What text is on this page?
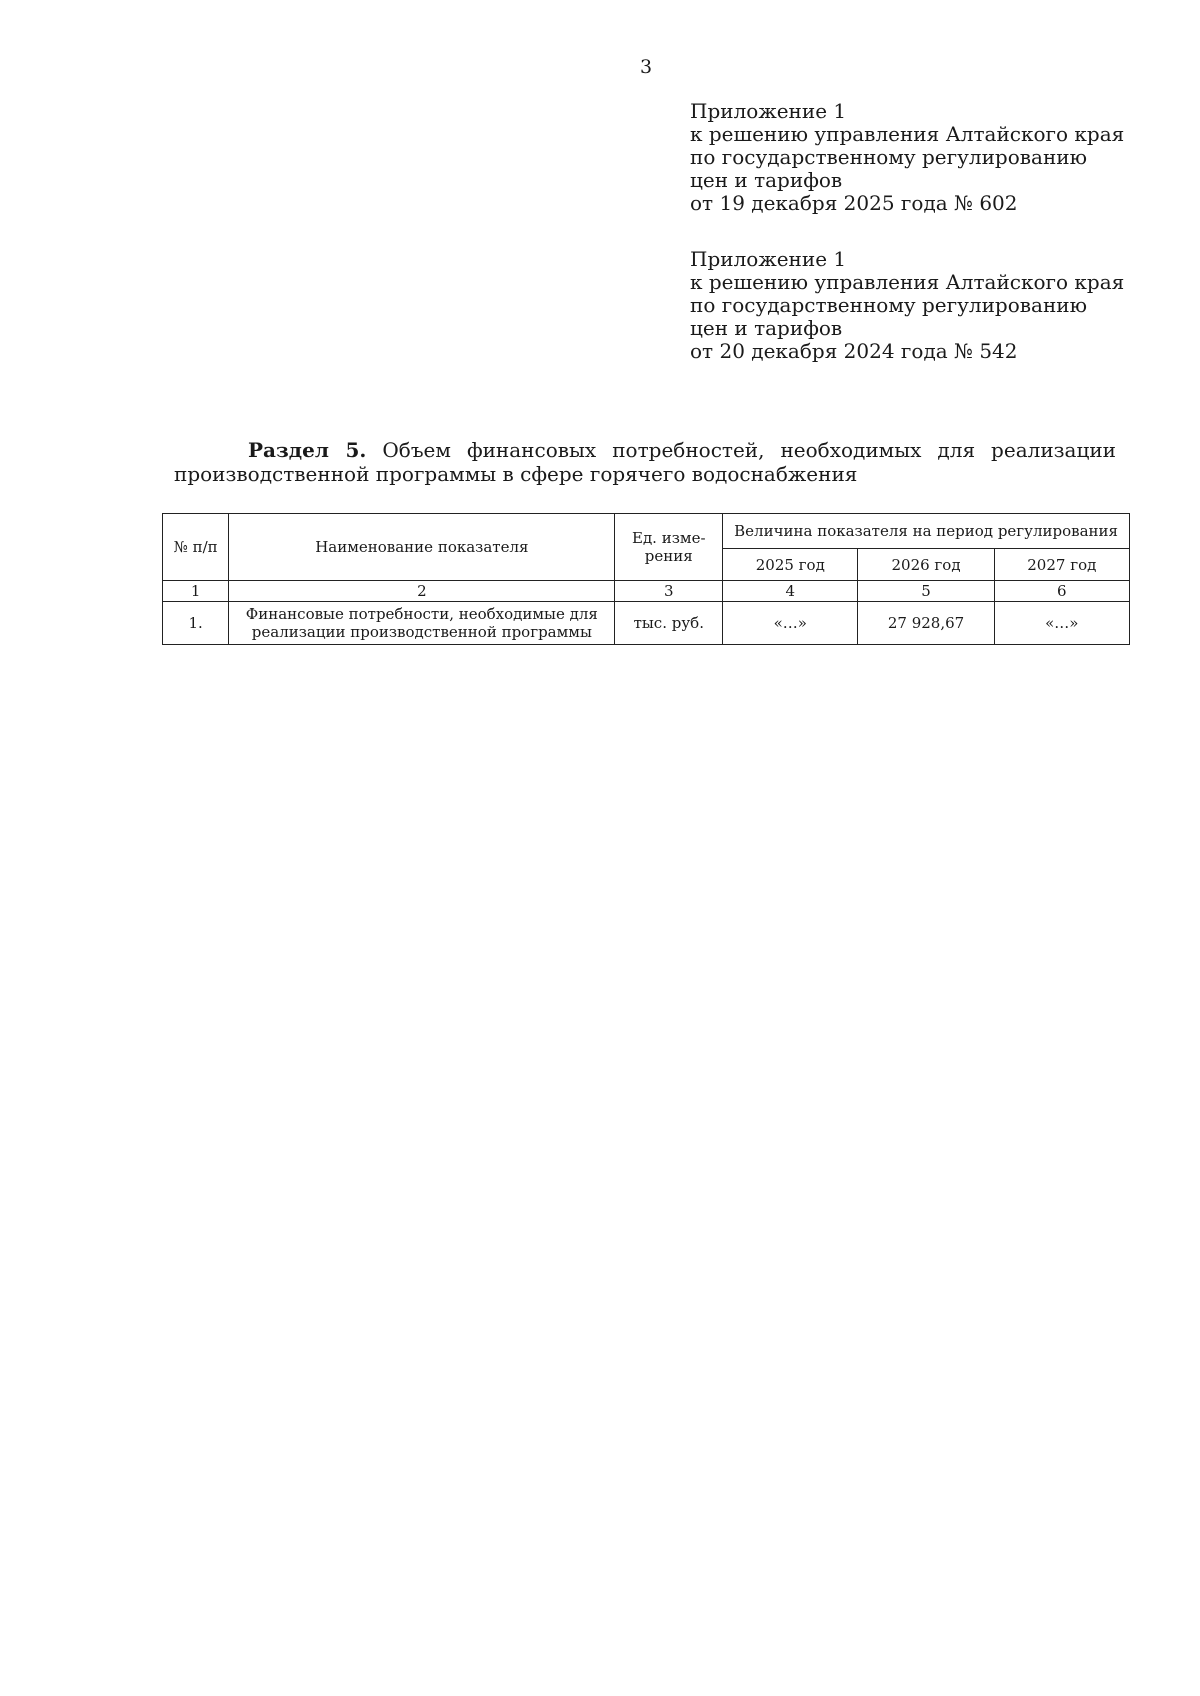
3
Приложение 1
к решению управления Алтайского края
по государственному регулированию
цен и тарифов
от 19 декабря 2025 года № 602
Приложение 1
к решению управления Алтайского края
по государственному регулированию
цен и тарифов
от 20 декабря 2024 года № 542
Раздел 5. Объем финансовых потребностей, необходимых для реализации производственной программы в сфере горячего водоснабжения
№ п/п	Наименование показателя	Ед. изме-рения	Величина показателя на период регулирования		
			2025 год	2026 год	2027 год
1	2	3	4	5	6
1.	Финансовые потребности, необходимые для реализации производственной программы	тыс. руб.	«…»	27 928,67	«…»
